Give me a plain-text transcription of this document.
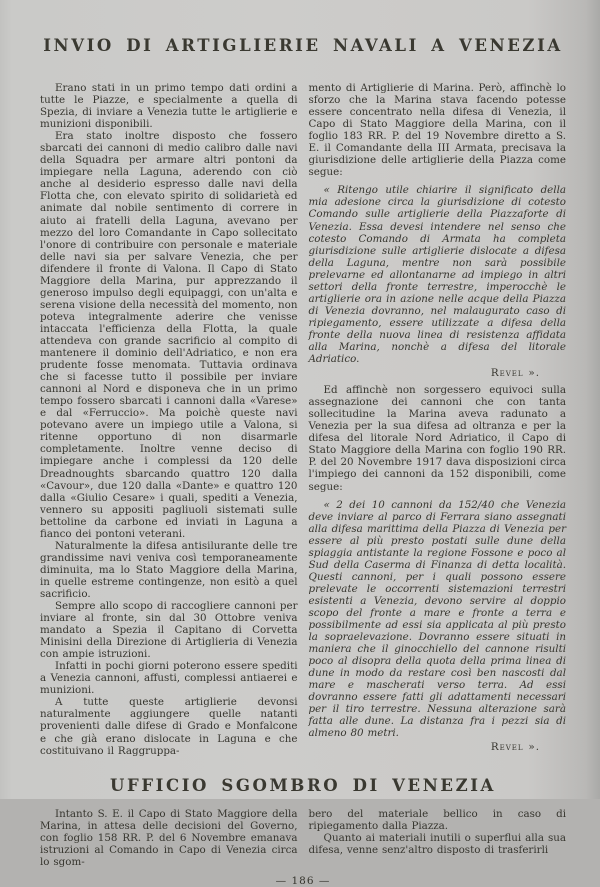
INVIO DI ARTIGLIERIE NAVALI A VENEZIA

Erano stati in un primo tempo dati ordini a tutte le Piazze, e specialmente a quella di Spezia, di inviare a Venezia tutte le artiglierie e munizioni disponibili.

Era stato inoltre disposto che fossero sbarcati dei cannoni di medio calibro dalle navi della Squadra per armare altri pontoni da impiegare nella Laguna, aderendo con ciò anche al desiderio espresso dalle navi della Flotta che, con elevato spirito di solidarietà ed animate dal nobile sentimento di correre in aiuto ai fratelli della Laguna, avevano per mezzo del loro Comandante in Capo sollecitato l'onore di contribuire con personale e materiale delle navi sia per salvare Venezia, che per difendere il fronte di Valona. Il Capo di Stato Maggiore della Marina, pur apprezzando il generoso impulso degli equipaggi, con un'alta e serena visione della necessità del momento, non poteva integralmente aderire che venisse intaccata l'efficienza della Flotta, la quale attendeva con grande sacrificio al compito di mantenere il dominio dell'Adriatico, e non era prudente fosse menomata. Tuttavia ordinava che si facesse tutto il possibile per inviare cannoni al Nord e disponeva che in un primo tempo fossero sbarcati i cannoni dalla «Varese» e dal «Ferruccio». Ma poichè queste navi potevano avere un impiego utile a Valona, si ritenne opportuno di non disarmarle completamente. Inoltre venne deciso di impiegare anche i complessi da 120 delle Dreadnoughts sbarcando quattro 120 dalla «Cavour», due 120 dalla «Dante» e quattro 120 dalla «Giulio Cesare» i quali, spediti a Venezia, vennero su appositi pagliuoli sistemati sulle bettoline da carbone ed inviati in Laguna a fianco dei pontoni veterani.

Naturalmente la difesa antisilurante delle tre grandissime navi veniva così temporaneamente diminuita, ma lo Stato Maggiore della Marina, in quelle estreme contingenze, non esitò a quel sacrificio.

Sempre allo scopo di raccogliere cannoni per inviare al fronte, sin dal 30 Ottobre veniva mandato a Spezia il Capitano di Corvetta Minisini della Direzione di Artiglieria di Venezia con ampie istruzioni.

Infatti in pochi giorni poterono essere spediti a Venezia cannoni, affusti, complessi antiaerei e munizioni.

A tutte queste artiglierie devonsi naturalmente aggiungere quelle natanti provenienti dalle difese di Grado e Monfalcone e che già erano dislocate in Laguna e che costituivano il Raggruppa-

mento di Artiglierie di Marina. Però, affinchè lo sforzo che la Marina stava facendo potesse essere concentrato nella difesa di Venezia, il Capo di Stato Maggiore della Marina, con il foglio 183 RR. P. del 19 Novembre diretto a S. E. il Comandante della III Armata, precisava la giurisdizione delle artiglierie della Piazza come segue:

« Ritengo utile chiarire il significato della mia adesione circa la giurisdizione di cotesto Comando sulle artiglierie della Piazzaforte di Venezia. Essa devesi intendere nel senso che cotesto Comando di Armata ha completa giurisdizione sulle artiglierie dislocate a difesa della Laguna, mentre non sarà possibile prelevarne ed allontanarne ad impiego in altri settori della fronte terrestre, imperocchè le artiglierie ora in azione nelle acque della Piazza di Venezia dovranno, nel malaugurato caso di ripiegamento, essere utilizzate a difesa della fronte della nuova linea di resistenza affidata alla Marina, nonchè a difesa del litorale Adriatico.

Revel ».

Ed affinchè non sorgessero equivoci sulla assegnazione dei cannoni che con tanta sollecitudine la Marina aveva radunato a Venezia per la sua difesa ad oltranza e per la difesa del litorale Nord Adriatico, il Capo di Stato Maggiore della Marina con foglio 190 RR. P. del 20 Novembre 1917 dava disposizioni circa l'impiego dei cannoni da 152 disponibili, come segue:

« 2 dei 10 cannoni da 152/40 che Venezia deve inviare al parco di Ferrara siano assegnati alla difesa marittima della Piazza di Venezia per essere al più presto postati sulle dune della spiaggia antistante la regione Fossone e poco al Sud della Caserma di Finanza di detta località. Questi cannoni, per i quali possono essere prelevate le occorrenti sistemazioni terrestri esistenti a Venezia, devono servire al doppio scopo del fronte a mare e fronte a terra e possibilmente ad essi sia applicata al più presto la sopraelevazione. Dovranno essere situati in maniera che il ginocchiello del cannone risulti poco al disopra della quota della prima linea di dune in modo da restare così ben nascosti dal mare e mascherati verso terra. Ad essi dovranno essere fatti gli adattamenti necessari per il tiro terrestre. Nessuna alterazione sarà fatta alle dune. La distanza fra i pezzi sia di almeno 80 metri.

Revel ».

UFFICIO SGOMBRO DI VENEZIA

Intanto S. E. il Capo di Stato Maggiore della Marina, in attesa delle decisioni del Governo, con foglio 158 RR. P. del 6 Novembre emanava istruzioni al Comando in Capo di Venezia circa lo sgom-

bero del materiale bellico in caso di ripiegamento dalla Piazza.

Quanto ai materiali inutili o superflui alla sua difesa, venne senz'altro disposto di trasferirli

— 186 —
